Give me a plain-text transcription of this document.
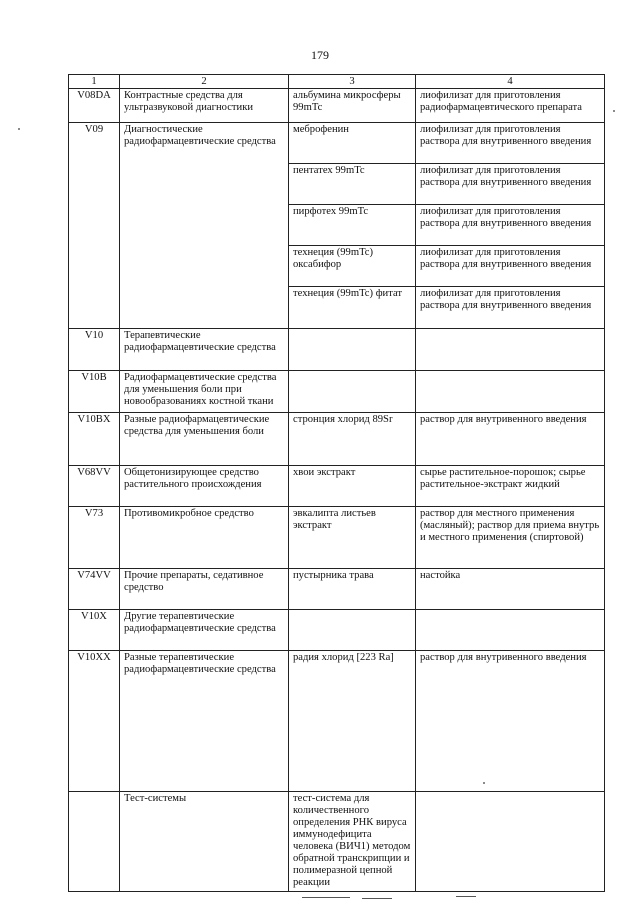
179
1	2	3	4
V08DA	Контрастные средства для ультразвуковой диагностики	альбумина микросферы 99mTc	лиофилизат для приготовления радиофармацевтического препарата
V09	Диагностические радиофармацевтические средства	меброфенин	лиофилизат для приготовления раствора для внутривенного введения
		пентатех 99mTc	лиофилизат для приготовления раствора для внутривенного введения
		пирфотех 99mTc	лиофилизат для приготовления раствора для внутривенного введения
		технеция (99mTc) оксабифор	лиофилизат для приготовления раствора для внутривенного введения
		технеция (99mTc) фитат	лиофилизат для приготовления раствора для внутривенного введения
V10	Терапевтические радиофармацевтические средства		
V10B	Радиофармацевтические средства для уменьшения боли при новообразованиях костной ткани		
V10BX	Разные радиофармацевтические средства для уменьшения боли	стронция хлорид 89Sr	раствор для внутривенного введения
V68VV	Общетонизирующее средство растительного происхождения	хвои экстракт	сырье растительное-порошок; сырье растительное-экстракт жидкий
V73	Противомикробное средство	эвкалипта листьев экстракт	раствор для местного применения (масляный); раствор для приема внутрь и местного применения (спиртовой)
V74VV	Прочие препараты, седативное средство	пустырника трава	настойка
V10X	Другие терапевтические радиофармацевтические средства		
V10XX	Разные терапевтические радиофармацевтические средства	радия хлорид [223 Ra]	раствор для внутривенного введения
	Тест-системы	тест-система для количественного определения РНК вируса иммунодефицита человека (ВИЧ1) методом обратной транскрипции и полимеразной цепной реакции	
